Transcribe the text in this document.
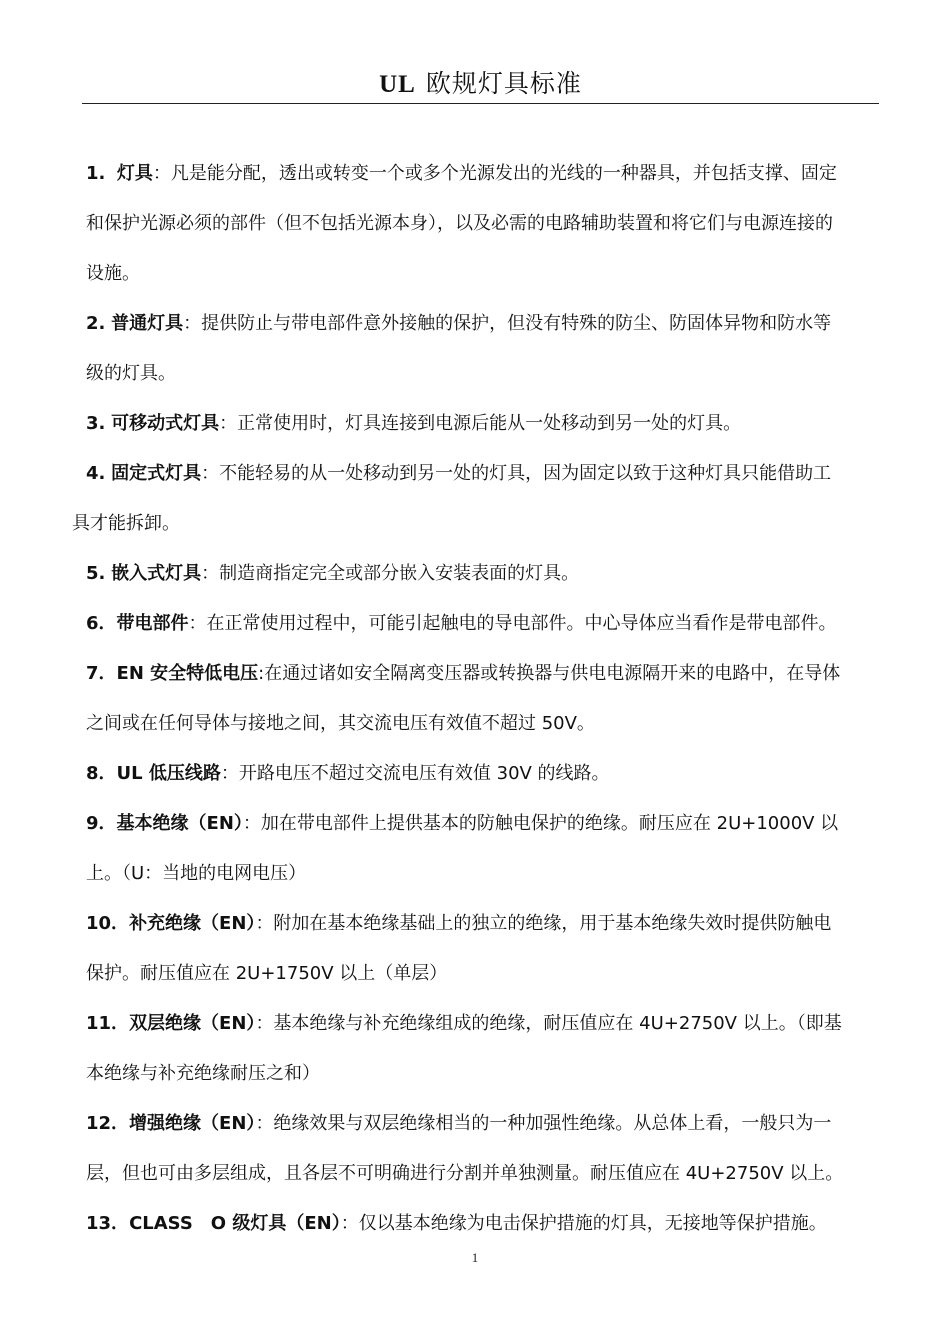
UL 欧规灯具标准
1. 灯具：凡是能分配，透出或转变一个或多个光源发出的光线的一种器具，并包括支撑、固定
和保护光源必须的部件（但不包括光源本身），以及必需的电路辅助装置和将它们与电源连接的
设施。
2. 普通灯具：提供防止与带电部件意外接触的保护，但没有特殊的防尘、防固体异物和防水等
级的灯具。
3. 可移动式灯具：正常使用时，灯具连接到电源后能从一处移动到另一处的灯具。
4. 固定式灯具：不能轻易的从一处移动到另一处的灯具，因为固定以致于这种灯具只能借助工
具才能拆卸。
5. 嵌入式灯具：制造商指定完全或部分嵌入安装表面的灯具。
6．带电部件：在正常使用过程中，可能引起触电的导电部件。中心导体应当看作是带电部件。
7．EN 安全特低电压:在通过诸如安全隔离变压器或转换器与供电电源隔开来的电路中，在导体
之间或在任何导体与接地之间，其交流电压有效值不超过 50V。
8．UL 低压线路：开路电压不超过交流电压有效值 30V 的线路。
9．基本绝缘（EN）：加在带电部件上提供基本的防触电保护的绝缘。耐压应在 2U+1000V 以
上。（U：当地的电网电压）
10．补充绝缘（EN）：附加在基本绝缘基础上的独立的绝缘，用于基本绝缘失效时提供防触电
保护。耐压值应在 2U+1750V 以上（单层）
11．双层绝缘（EN）：基本绝缘与补充绝缘组成的绝缘，耐压值应在 4U+2750V 以上。（即基
本绝缘与补充绝缘耐压之和）
12．增强绝缘（EN）：绝缘效果与双层绝缘相当的一种加强性绝缘。从总体上看，一般只为一
层，但也可由多层组成，且各层不可明确进行分割并单独测量。耐压值应在 4U+2750V 以上。
13．CLASS　O 级灯具（EN）：仅以基本绝缘为电击保护措施的灯具，无接地等保护措施。
1
